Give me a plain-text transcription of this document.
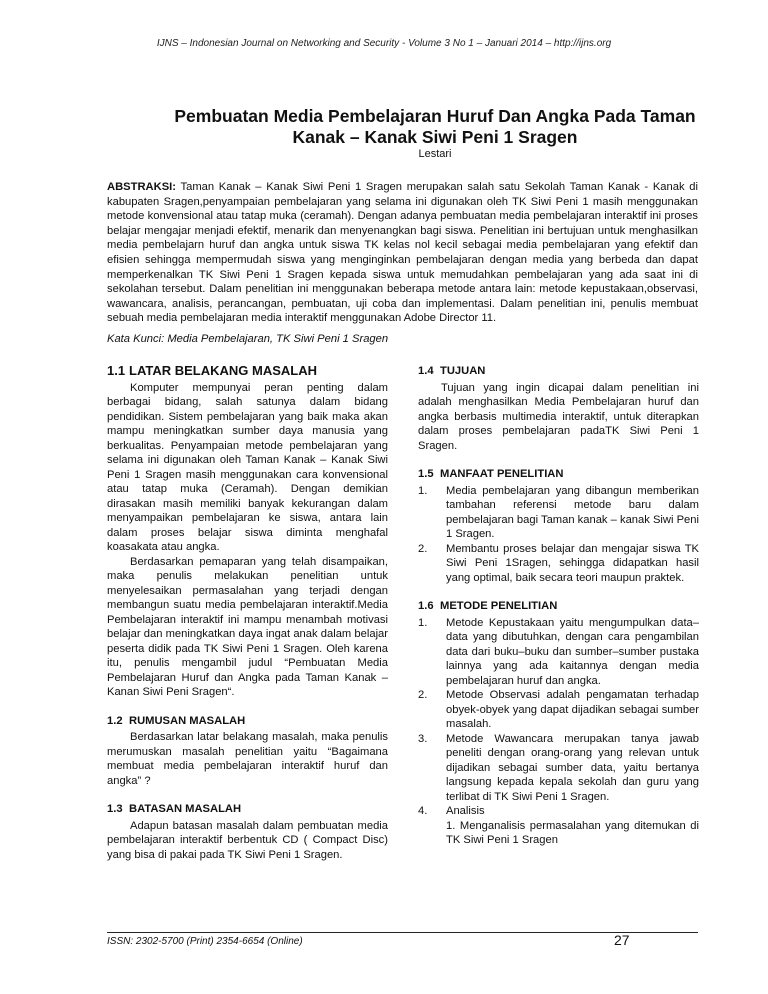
IJNS – Indonesian Journal on Networking and Security - Volume 3 No 1 – Januari 2014 – http://ijns.org
Pembuatan Media Pembelajaran Huruf Dan Angka Pada Taman Kanak – Kanak Siwi Peni 1 Sragen
Lestari
ABSTRAKSI: Taman Kanak – Kanak Siwi Peni 1 Sragen merupakan salah satu Sekolah Taman Kanak - Kanak di kabupaten Sragen,penyampaian pembelajaran yang selama ini digunakan oleh TK Siwi Peni 1 masih menggunakan metode konvensional atau tatap muka (ceramah). Dengan adanya pembuatan media pembelajaran interaktif ini proses belajar mengajar menjadi efektif, menarik dan menyenangkan bagi siswa. Penelitian ini bertujuan untuk menghasilkan media pembelajarn huruf dan angka untuk siswa TK kelas nol kecil sebagai media pembelajaran yang efektif dan efisien sehingga mempermudah siswa yang menginginkan pembelajaran dengan media yang berbeda dan dapat memperkenalkan TK Siwi Peni 1 Sragen kepada siswa untuk memudahkan pembelajaran yang ada saat ini di sekolahan tersebut. Dalam penelitian ini menggunakan beberapa metode antara lain: metode kepustakaan,observasi, wawancara, analisis, perancangan, pembuatan, uji coba dan implementasi. Dalam penelitian ini, penulis membuat sebuah media pembelajaran media interaktif menggunakan Adobe Director 11.
Kata Kunci: Media Pembelajaran, TK Siwi Peni 1 Sragen
1.1 LATAR BELAKANG MASALAH

Komputer mempunyai peran penting dalam berbagai bidang, salah satunya dalam bidang pendidikan. Sistem pembelajaran yang baik maka akan mampu meningkatkan sumber daya manusia yang berkualitas. Penyampaian metode pembelajaran yang selama ini digunakan oleh Taman Kanak – Kanak Siwi Peni 1 Sragen masih menggunakan cara konvensional atau tatap muka (Ceramah). Dengan demikian dirasakan masih memiliki banyak kekurangan dalam menyampaikan pembelajaran ke siswa, antara lain dalam proses belajar siswa diminta menghafal koasakata atau angka.

Berdasarkan pemaparan yang telah disampaikan, maka penulis melakukan penelitian untuk menyelesaikan permasalahan yang terjadi dengan membangun suatu media pembelajaran interaktif.Media Pembelajaran interaktif ini mampu menambah motivasi belajar dan meningkatkan daya ingat anak dalam belajar peserta didik pada TK Siwi Peni 1 Sragen. Oleh karena itu, penulis mengambil judul “Pembuatan Media Pembelajaran Huruf dan Angka pada Taman Kanak – Kanan Siwi Peni Sragen“.

1.2 RUMUSAN MASALAH

Berdasarkan latar belakang masalah, maka penulis merumuskan masalah penelitian yaitu “Bagaimana membuat media pembelajaran interaktif huruf dan angka” ?

1.3 BATASAN MASALAH

Adapun batasan masalah dalam pembuatan media pembelajaran interaktif berbentuk CD ( Compact Disc) yang bisa di pakai pada TK Siwi Peni 1 Sragen.

1.4 TUJUAN

Tujuan yang ingin dicapai dalam penelitian ini adalah menghasilkan Media Pembelajaran huruf dan angka berbasis multimedia interaktif, untuk diterapkan dalam proses pembelajaran padaTK Siwi Peni 1 Sragen.

1.5 MANFAAT PENELITIAN
1. Media pembelajaran yang dibangun memberikan tambahan referensi metode baru dalam pembelajaran bagi Taman kanak – kanak Siwi Peni 1 Sragen.
2. Membantu proses belajar dan mengajar siswa TK Siwi Peni 1Sragen, sehingga didapatkan hasil yang optimal, baik secara teori maupun praktek.
1.6 METODE PENELITIAN
1. Metode Kepustakaan yaitu mengumpulkan data–data yang dibutuhkan, dengan cara pengambilan data dari buku–buku dan sumber–sumber pustaka lainnya yang ada kaitannya dengan media pembelajaran huruf dan angka.
2. Metode Observasi adalah pengamatan terhadap obyek-obyek yang dapat dijadikan sebagai sumber masalah.
3. Metode Wawancara merupakan tanya jawab peneliti dengan orang-orang yang relevan untuk dijadikan sebagai sumber data, yaitu bertanya langsung kepada kepala sekolah dan guru yang terlibat di TK Siwi Peni 1 Sragen.
4. Analisis
1. Menganalisis permasalahan yang ditemukan di TK Siwi Peni 1 Sragen
ISSN: 2302-5700 (Print) 2354-6654 (Online)	27
